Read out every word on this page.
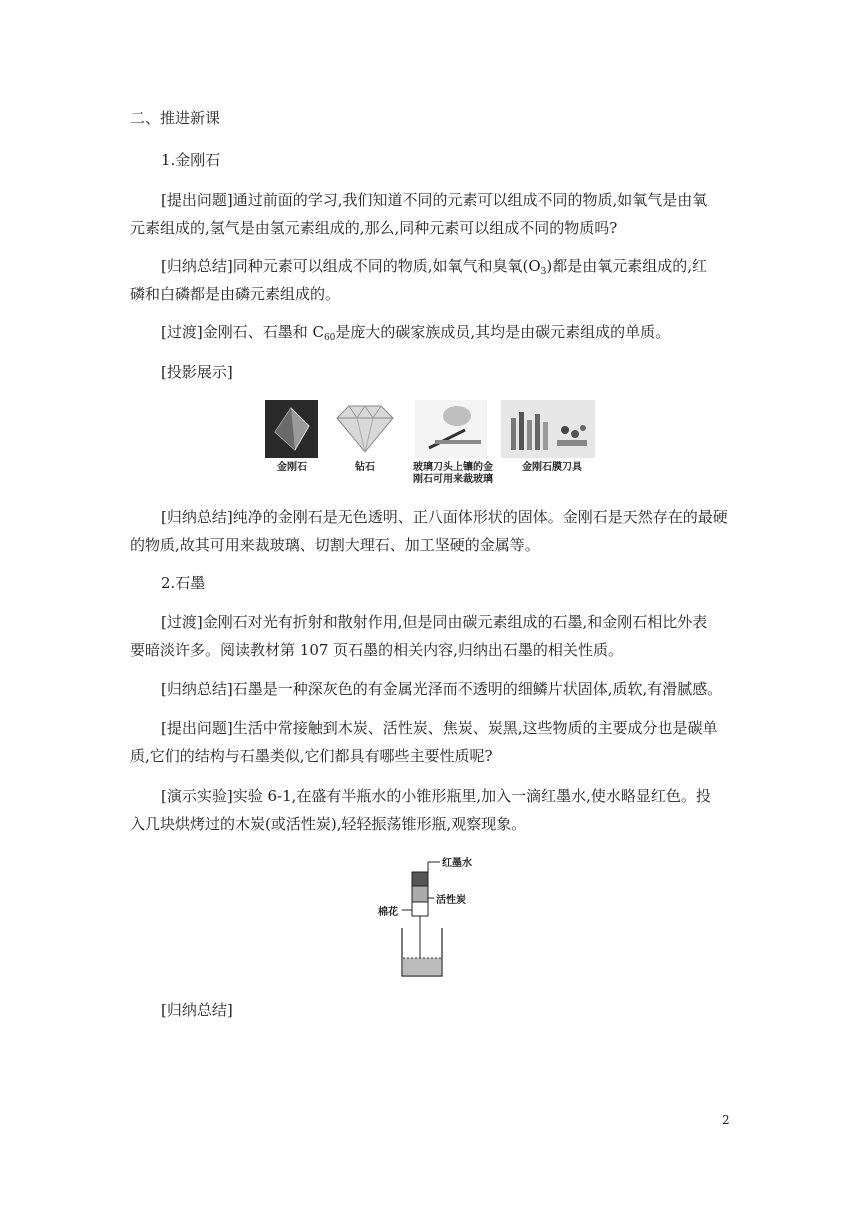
二、推进新课
1.金刚石
[提出问题]通过前面的学习,我们知道不同的元素可以组成不同的物质,如氧气是由氧
元素组成的,氢气是由氢元素组成的,那么,同种元素可以组成不同的物质吗?
[归纳总结]同种元素可以组成不同的物质,如氧气和臭氧$(O_3)$都是由氧元素组成的,红
磷和白磷都是由磷元素组成的。
[过渡]金刚石、石墨和 $C_{60}$是庞大的碳家族成员,其均是由碳元素组成的单质。
[投影展示]
金刚石	钻石	玻璃刀头上镶的金
刚石可用来裁玻璃
金刚石膜刀具
[归纳总结]纯净的金刚石是无色透明、正八面体形状的固体。金刚石是天然存在的最硬
的物质,故其可用来裁玻璃、切割大理石、加工坚硬的金属等。
2.石墨
[过渡]金刚石对光有折射和散射作用,但是同由碳元素组成的石墨,和金刚石相比外表
要暗淡许多。阅读教材第 107 页石墨的相关内容,归纳出石墨的相关性质。
[归纳总结]石墨是一种深灰色的有金属光泽而不透明的细鳞片状固体,质软,有滑腻感。
[提出问题]生活中常接触到木炭、活性炭、焦炭、炭黑,这些物质的主要成分也是碳单
质,它们的结构与石墨类似,它们都具有哪些主要性质呢?
[演示实验]实验 6-1,在盛有半瓶水的小锥形瓶里,加入一滴红墨水,使水略显红色。投
入几块烘烤过的木炭(或活性炭),轻轻振荡锥形瓶,观察现象。
红墨水
活性炭
棉花
[归纳总结]
2
